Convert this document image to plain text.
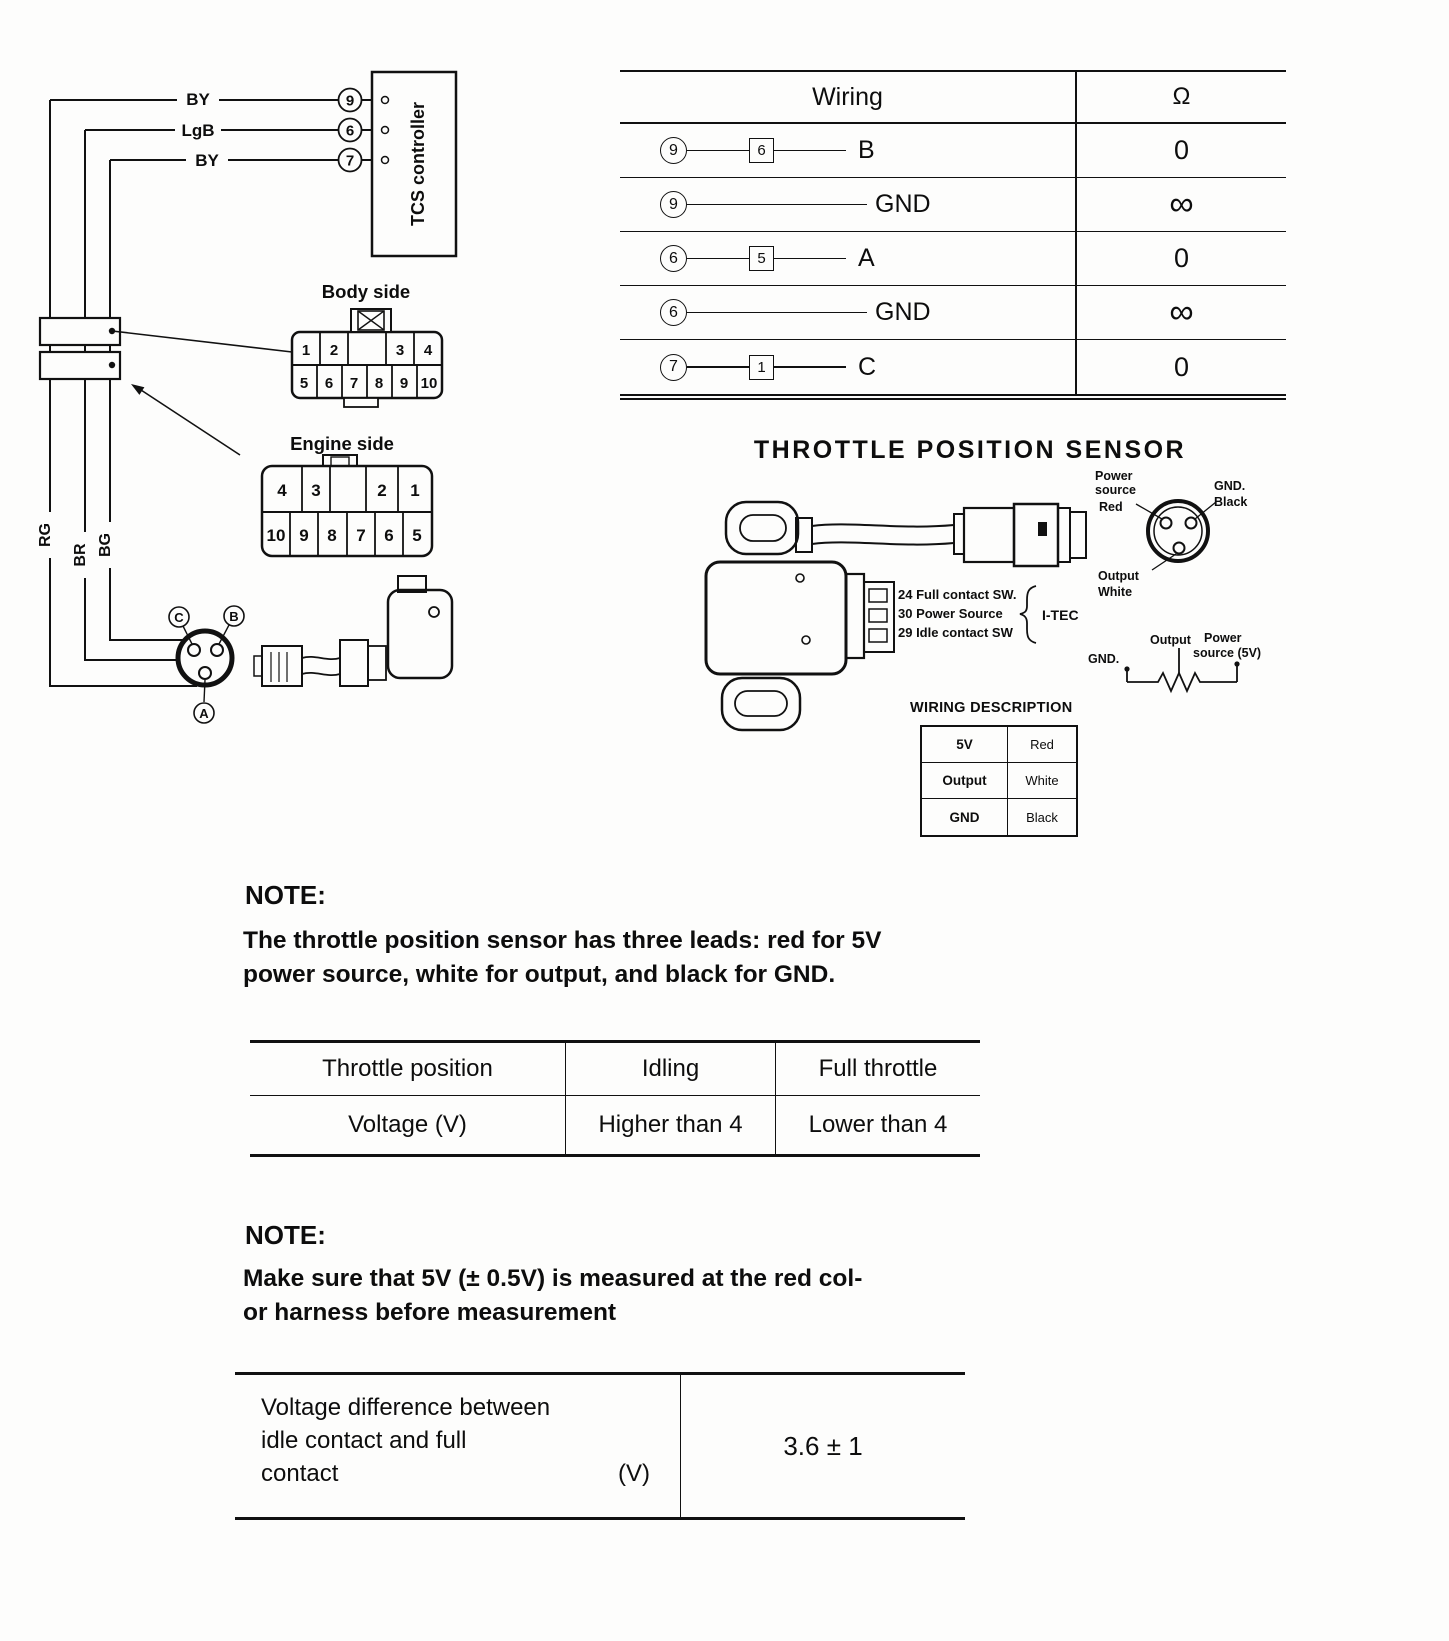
BY
LgB
BY
RG
BR BG
9
6
7	TCS controller
Body side
1 2	3 4
5 6 7 8 9 10
Engine side
4 3	2 1
10 9 8 7 6 5
C	B
A
Wiring	Ω
9	6	B	0
9	GND	∞
6	5	A	0
6	GND	∞
7	1	C	0
THROTTLE POSITION SENSOR
24 Full contact SW.
30 Power Source
29 Idle contact SW
I-TEC
Power
source
Red
GND.
Black
Output
White
Output Power
source (5V)
GND.
WIRING DESCRIPTION
5V	Red
Output	White
GND	Black
NOTE:
The throttle position sensor has three leads: red for 5V
power source, white for output, and black for GND.
Throttle position	Idling	Full throttle
Voltage (V)	Higher than 4	Lower than 4
NOTE:
Make sure that 5V (± 0.5V) is measured at the red col-
or harness before measurement
Voltage difference between
idle contact and full
contact	(V)
3.6 ± 1
